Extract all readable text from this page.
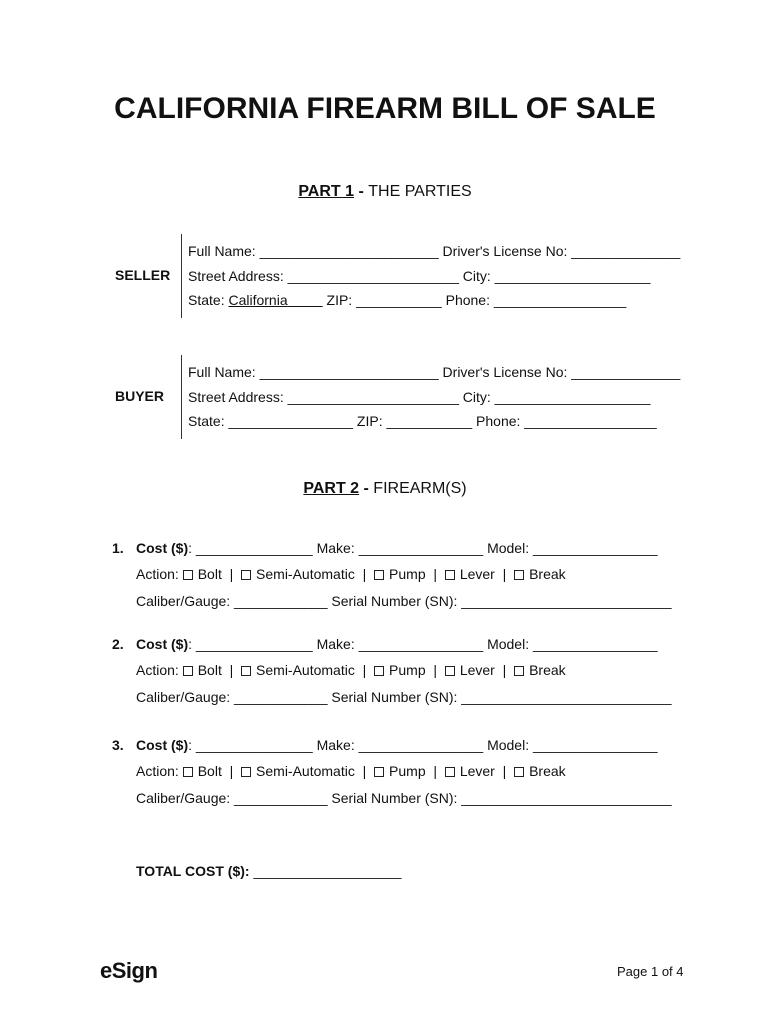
CALIFORNIA FIREARM BILL OF SALE
PART 1 - THE PARTIES
SELLER
Full Name: _______________________ Driver's License No: ______________
Street Address: ______________________ City: ____________________
State: California	ZIP: ___________ Phone: _________________
BUYER
Full Name: _______________________ Driver's License No: ______________
Street Address: ______________________ City: ____________________
State: ________________ ZIP: ___________ Phone: _________________
PART 2 - FIREARM(S)
1. Cost ($): _______________ Make: ________________ Model: ________________
Action: Bolt | Semi-Automatic | Pump | Lever | Break
Caliber/Gauge: ____________ Serial Number (SN): ___________________________
2. Cost ($): _______________ Make: ________________ Model: ________________
Action: Bolt | Semi-Automatic | Pump | Lever | Break
Caliber/Gauge: ____________ Serial Number (SN): ___________________________
3. Cost ($): _______________ Make: ________________ Model: ________________
Action: Bolt | Semi-Automatic | Pump | Lever | Break
Caliber/Gauge: ____________ Serial Number (SN): ___________________________
TOTAL COST ($): ___________________
eSign	Page 1 of 4
